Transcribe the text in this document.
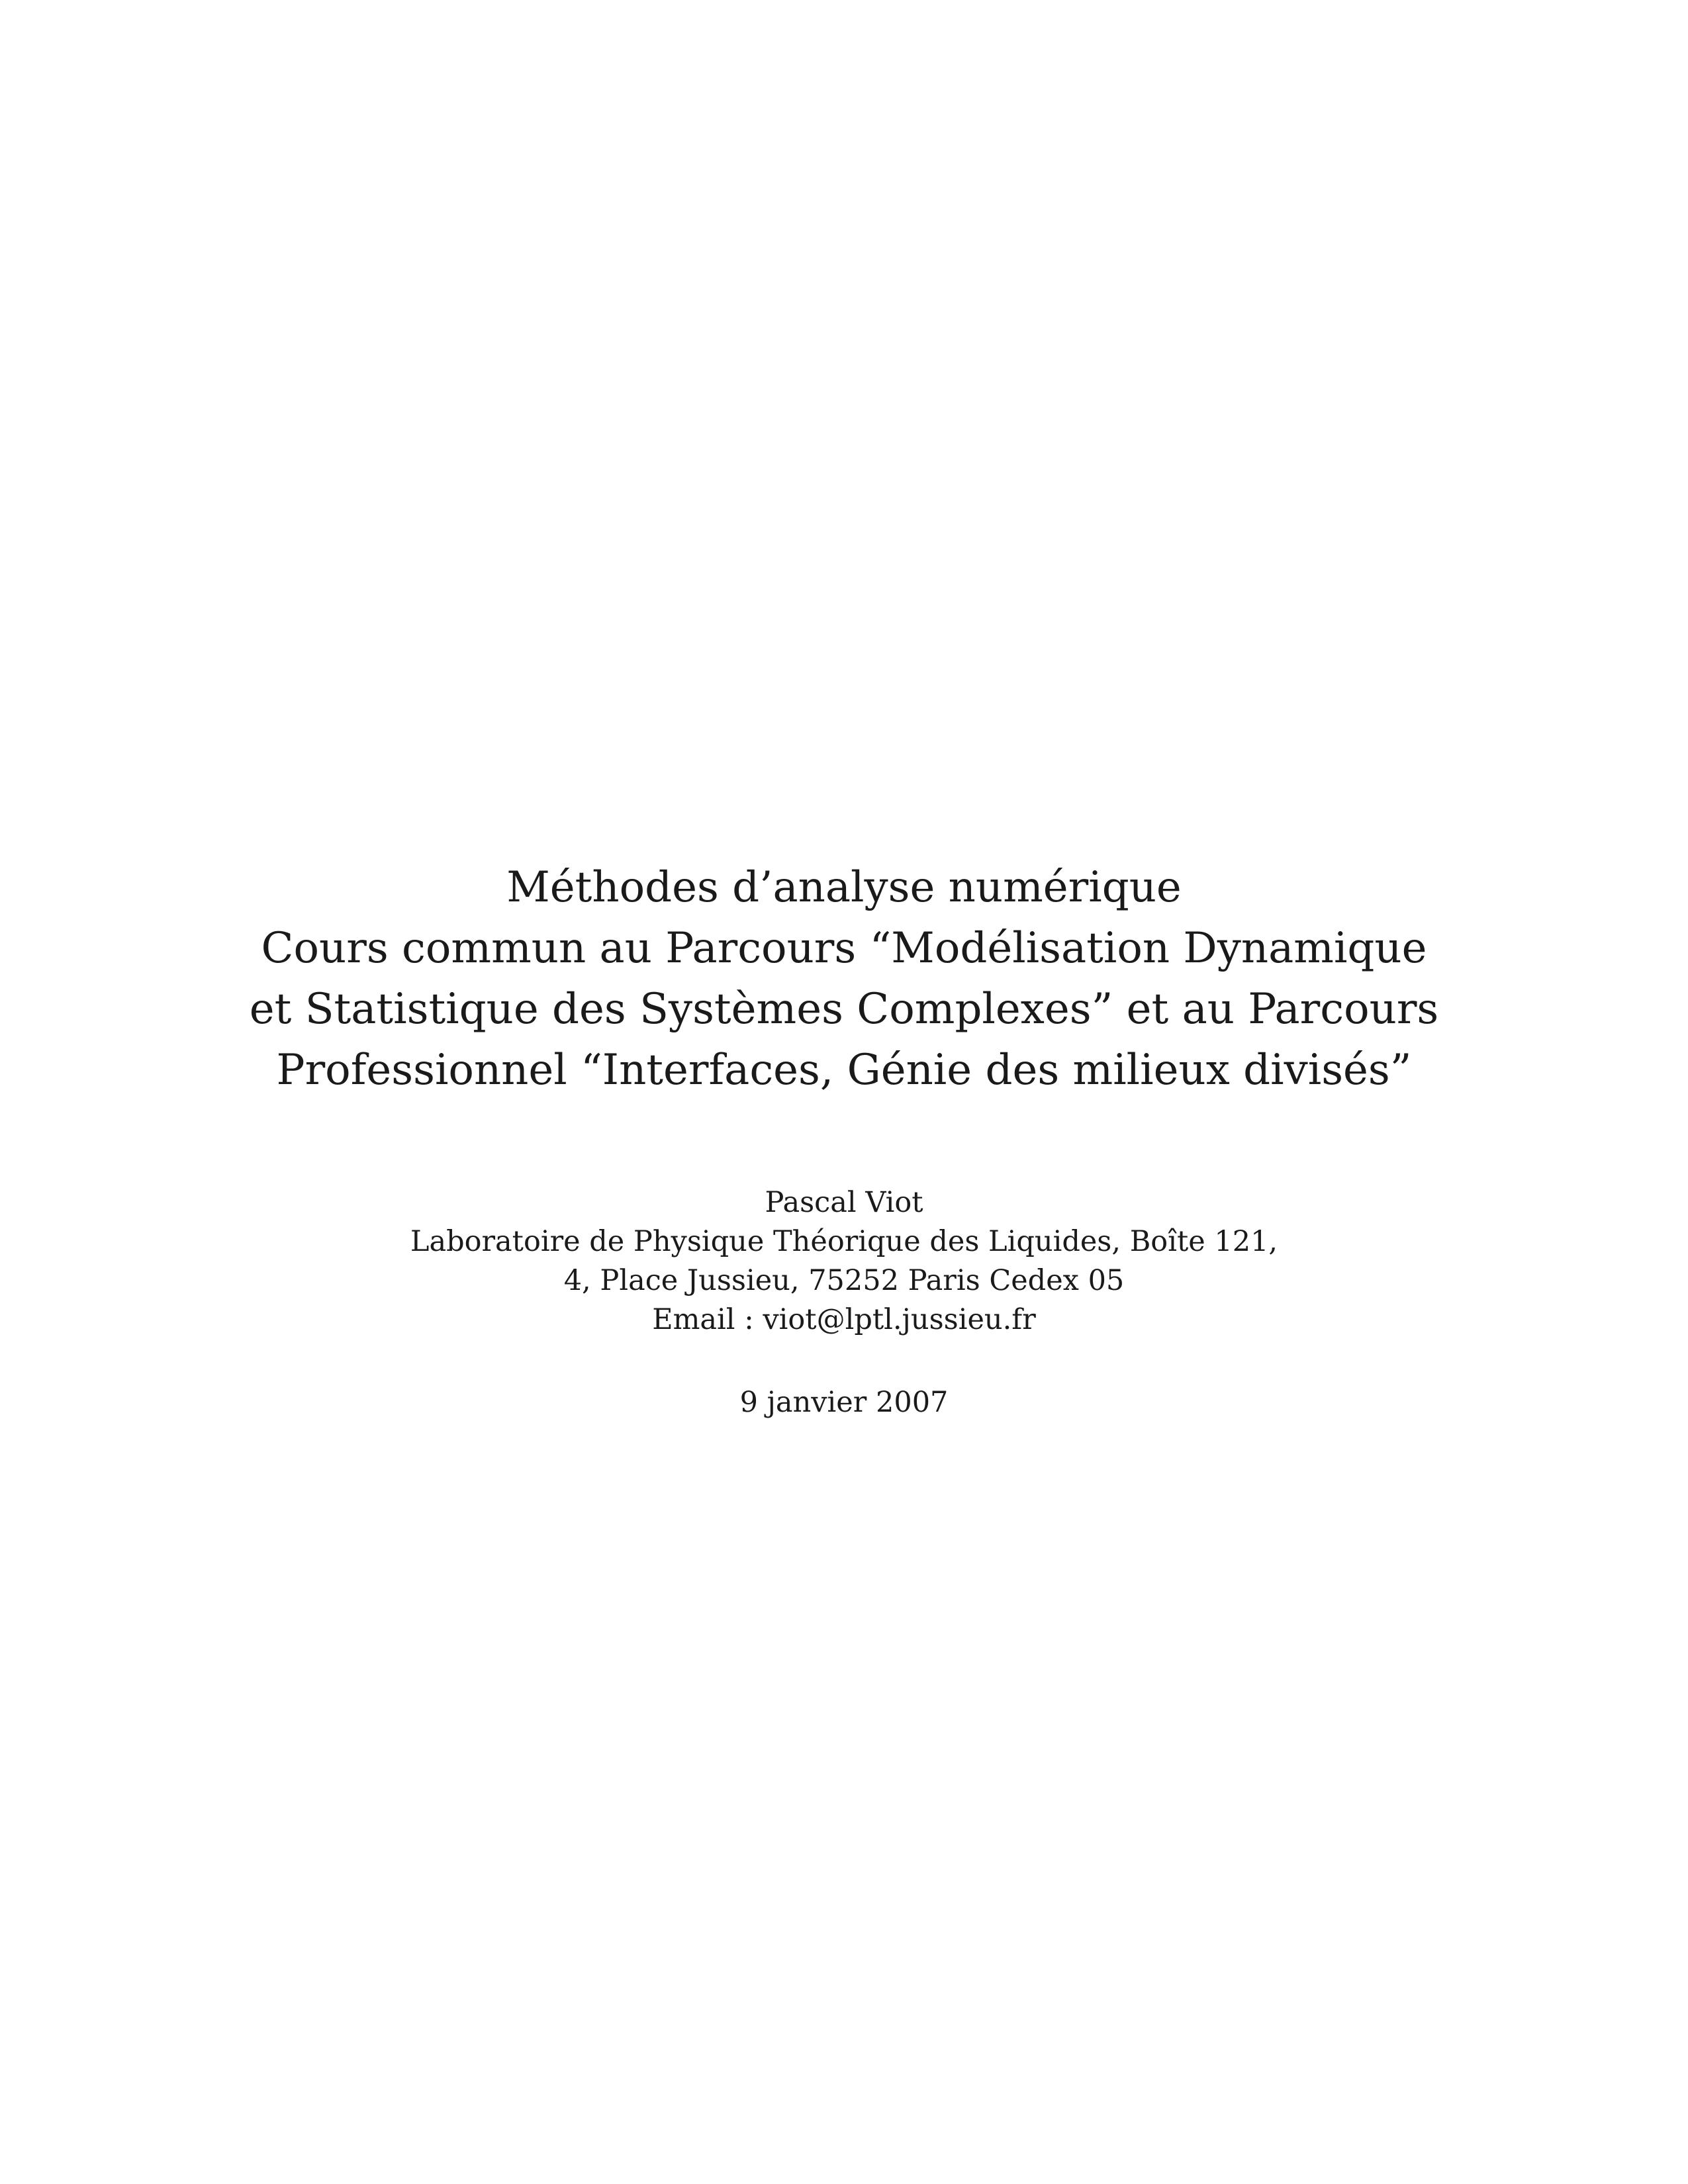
Méthodes d’analyse numérique
Cours commun au Parcours “Modélisation Dynamique
et Statistique des Systèmes Complexes” et au Parcours
Professionnel “Interfaces, Génie des milieux divisés”
Pascal Viot
Laboratoire de Physique Théorique des Liquides, Boîte 121,
4, Place Jussieu, 75252 Paris Cedex 05
Email : viot@lptl.jussieu.fr
9 janvier 2007
